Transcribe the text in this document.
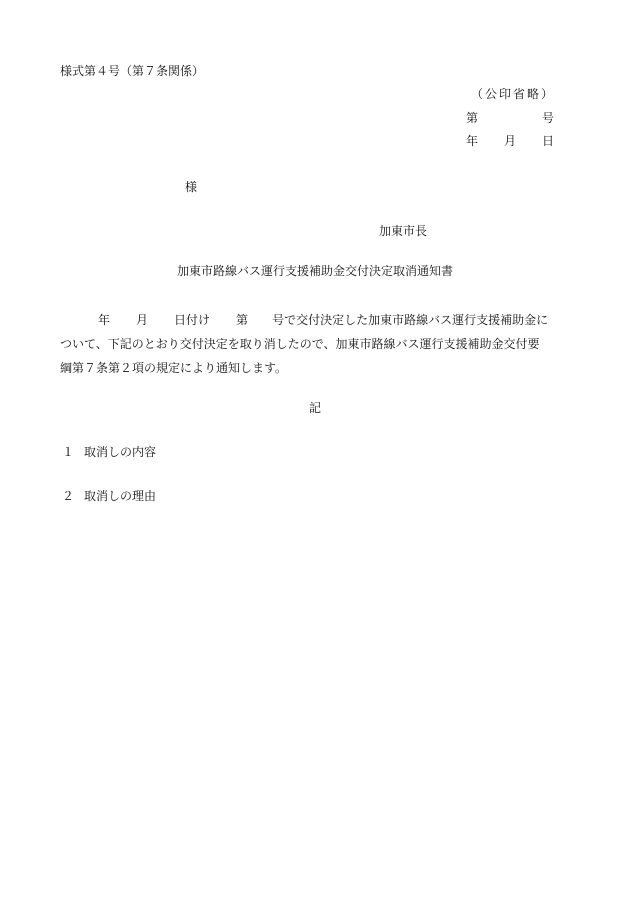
様式第４号（第７条関係）
（公印省略）
第	号
年 月 日
様
加東市長
加東市路線バス運行支援補助金交付決定取消通知書
年 月 日付け 第 号で交付決定した加東市路線バス運行支援補助金に
ついて、下記のとおり交付決定を取り消したので、加東市路線バス運行支援補助金交付要
綱第７条第２項の規定により通知します。
記
１ 取消しの内容
２ 取消しの理由
